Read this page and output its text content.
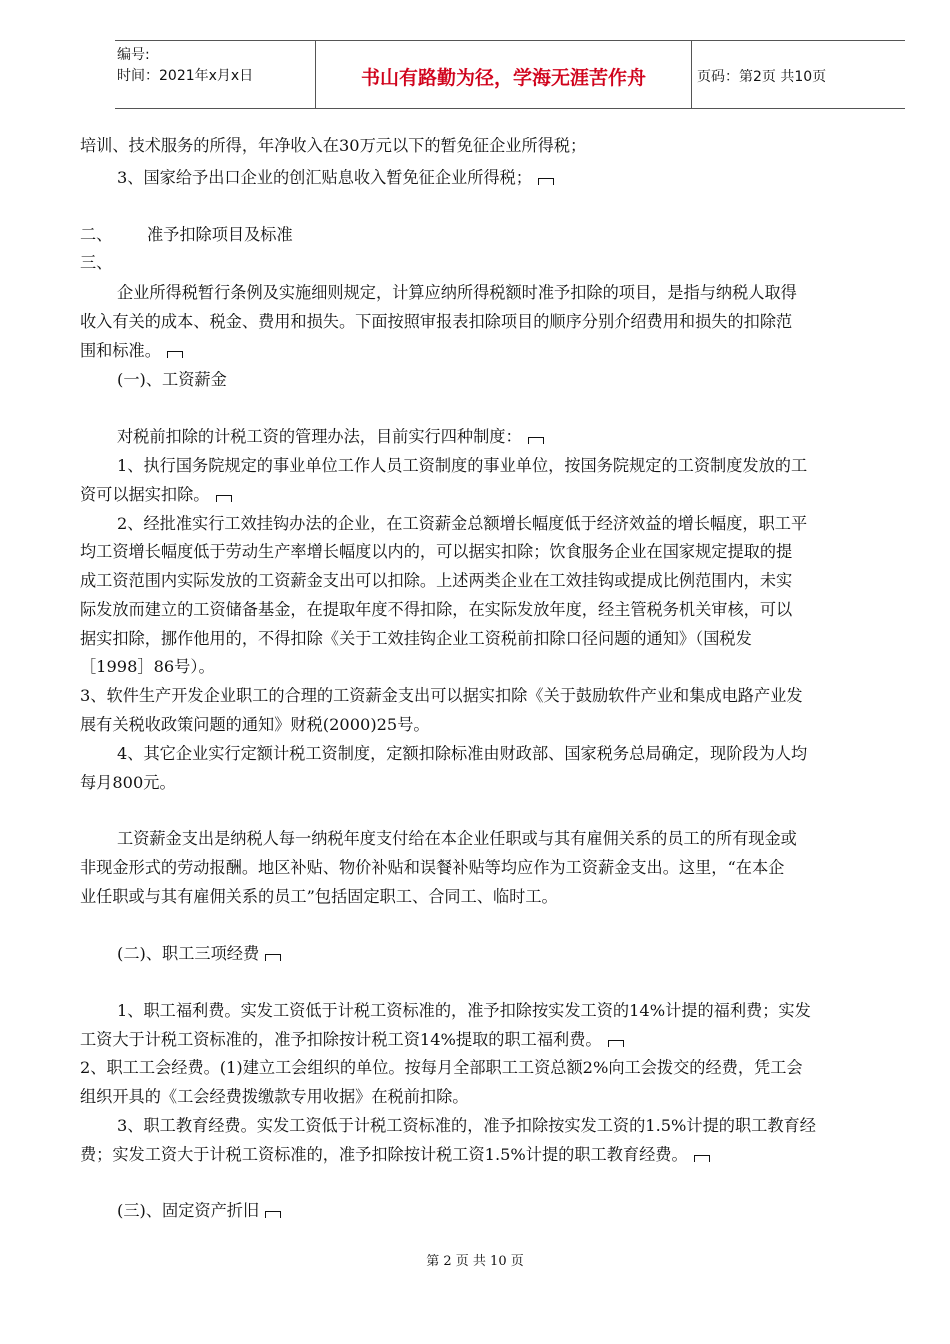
编号:
时间：2021年x月x日	书山有路勤为径，学海无涯苦作舟	页码：第2页 共10页
培训、技术服务的所得，年净收入在30万元以下的暂免征企业所得税；
3、国家给予出口企业的创汇贴息收入暂免征企业所得税；
二、 准予扣除项目及标准
三、
企业所得税暂行条例及实施细则规定，计算应纳所得税额时准予扣除的项目，是指与纳税人取得
收入有关的成本、税金、费用和损失。下面按照审报表扣除项目的顺序分别介绍费用和损失的扣除范
围和标准。
(一)、工资薪金
对税前扣除的计税工资的管理办法，目前实行四种制度：
1、执行国务院规定的事业单位工作人员工资制度的事业单位，按国务院规定的工资制度发放的工
资可以据实扣除。
2、经批准实行工效挂钩办法的企业，在工资薪金总额增长幅度低于经济效益的增长幅度，职工平
均工资增长幅度低于劳动生产率增长幅度以内的，可以据实扣除；饮食服务企业在国家规定提取的提
成工资范围内实际发放的工资薪金支出可以扣除。上述两类企业在工效挂钩或提成比例范围内，未实
际发放而建立的工资储备基金，在提取年度不得扣除，在实际发放年度，经主管税务机关审核，可以
据实扣除，挪作他用的，不得扣除《关于工效挂钩企业工资税前扣除口径问题的通知》（国税发
［1998］86号）。
3、软件生产开发企业职工的合理的工资薪金支出可以据实扣除《关于鼓励软件产业和集成电路产业发
展有关税收政策问题的通知》财税(2000)25号。
4、其它企业实行定额计税工资制度，定额扣除标准由财政部、国家税务总局确定，现阶段为人均
每月800元。
工资薪金支出是纳税人每一纳税年度支付给在本企业任职或与其有雇佣关系的员工的所有现金或
非现金形式的劳动报酬。地区补贴、物价补贴和误餐补贴等均应作为工资薪金支出。这里，“在本企
业任职或与其有雇佣关系的员工”包括固定职工、合同工、临时工。
(二)、职工三项经费
1、职工福利费。实发工资低于计税工资标准的，准予扣除按实发工资的14%计提的福利费；实发
工资大于计税工资标准的，准予扣除按计税工资14%提取的职工福利费。
2、职工工会经费。(1)建立工会组织的单位。按每月全部职工工资总额2%向工会拨交的经费，凭工会
组织开具的《工会经费拨缴款专用收据》在税前扣除。
3、职工教育经费。实发工资低于计税工资标准的，准予扣除按实发工资的1.5%计提的职工教育经
费；实发工资大于计税工资标准的，准予扣除按计税工资1.5%计提的职工教育经费。
(三)、固定资产折旧
第 2 页 共 10 页
